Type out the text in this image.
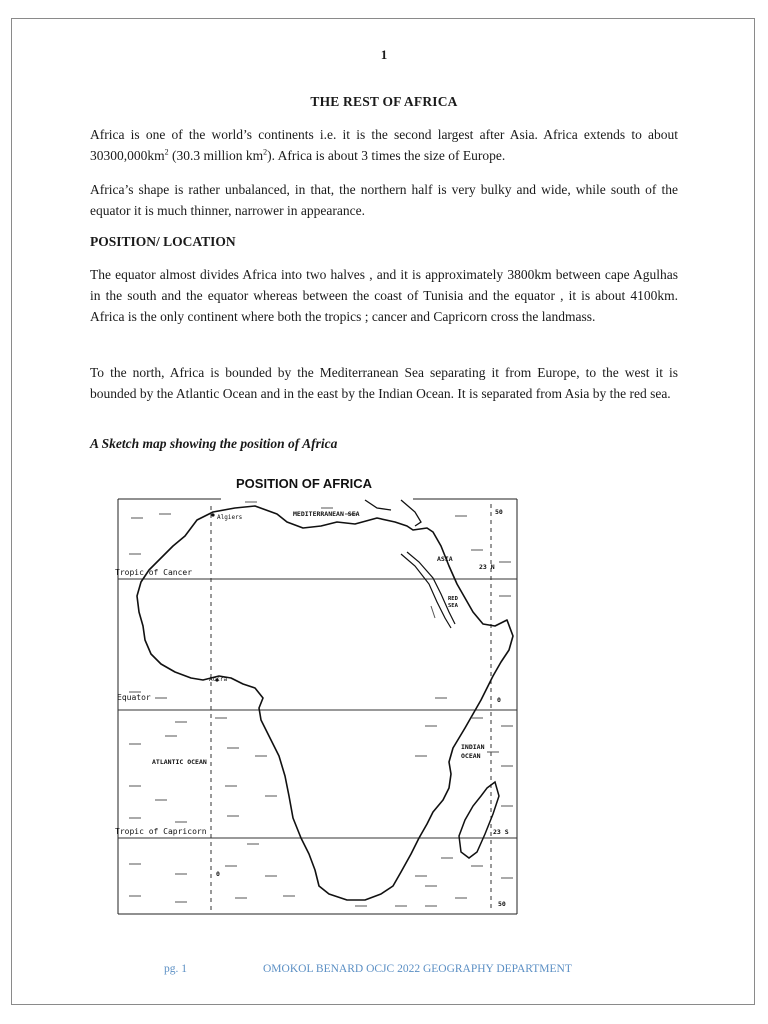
1
THE REST OF AFRICA

Africa is one of the world’s continents i.e. it is the second largest after Asia. Africa extends to about $30300,000km^2$ (30.3 million $km^2$). Africa is about 3 times the size of Europe.

Africa’s shape is rather unbalanced, in that, the northern half is very bulky and wide, while south of the equator it is much thinner, narrower in appearance.

POSITION/ LOCATION

The equator almost divides Africa into two halves , and it is approximately 3800km between cape Agulhas in the south and the equator whereas between the coast of Tunisia and the equator , it is about 4100km. Africa is the only continent where both the tropics ; cancer and Capricorn cross the landmass.

To the north, Africa is bounded by the Mediterranean Sea separating it from Europe, to the west it is bounded by the Atlantic Ocean and in the east by the Indian Ocean. It is separated from Asia by the red sea.

A Sketch map showing the position of Africa
POSITION OF AFRICA
Algiers	MEDITERRANEAN SEA
ASIA
RED
SEA
Tropic of Cancer
Accra
Equator
ATLANTIC OCEAN
INDIAN
OCEAN
Tropic of Capricorn
50
23 N
0
23 S
50
0
pg. 1	OMOKOL BENARD OCJC 2022 GEOGRAPHY DEPARTMENT
